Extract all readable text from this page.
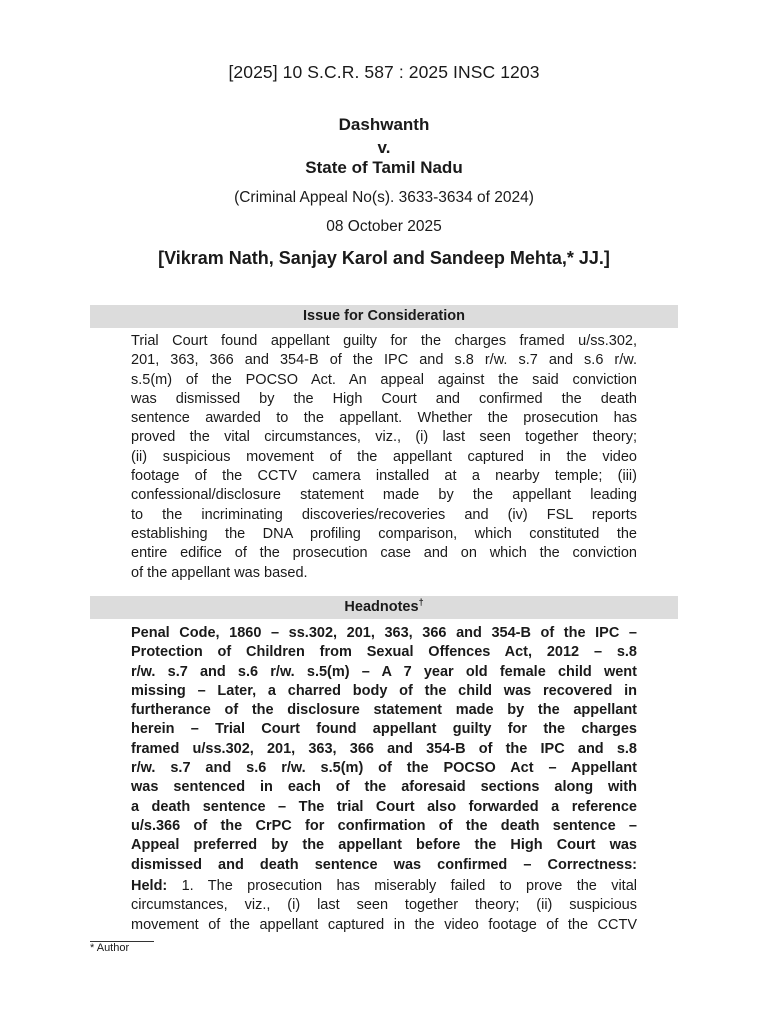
[2025] 10 S.C.R. 587 : 2025 INSC 1203
Dashwanth
v.
State of Tamil Nadu
(Criminal Appeal No(s). 3633-3634 of 2024)
08 October 2025
[Vikram Nath, Sanjay Karol and Sandeep Mehta,* JJ.]
Issue for Consideration
Trial Court found appellant guilty for the charges framed u/ss.302,
201, 363, 366 and 354-B of the IPC and s.8 r/w. s.7 and s.6 r/w.
s.5(m) of the POCSO Act. An appeal against the said conviction
was dismissed by the High Court and confirmed the death
sentence awarded to the appellant. Whether the prosecution has
proved the vital circumstances, viz., (i) last seen together theory;
(ii) suspicious movement of the appellant captured in the video
footage of the CCTV camera installed at a nearby temple; (iii)
confessional/disclosure statement made by the appellant leading
to the incriminating discoveries/recoveries and (iv) FSL reports
establishing the DNA profiling comparison, which constituted the
entire edifice of the prosecution case and on which the conviction
of the appellant was based.
Headnotes†
Penal Code, 1860 – ss.302, 201, 363, 366 and 354-B of the IPC –
Protection of Children from Sexual Offences Act, 2012 – s.8
r/w. s.7 and s.6 r/w. s.5(m) – A 7 year old female child went
missing – Later, a charred body of the child was recovered in
furtherance of the disclosure statement made by the appellant
herein – Trial Court found appellant guilty for the charges
framed u/ss.302, 201, 363, 366 and 354-B of the IPC and s.8
r/w. s.7 and s.6 r/w. s.5(m) of the POCSO Act – Appellant
was sentenced in each of the aforesaid sections along with
a death sentence – The trial Court also forwarded a reference
u/s.366 of the CrPC for confirmation of the death sentence –
Appeal preferred by the appellant before the High Court was
dismissed and death sentence was confirmed – Correctness:
Held: 1. The prosecution has miserably failed to prove the vital
circumstances, viz., (i) last seen together theory; (ii) suspicious
movement of the appellant captured in the video footage of the CCTV
* Author
